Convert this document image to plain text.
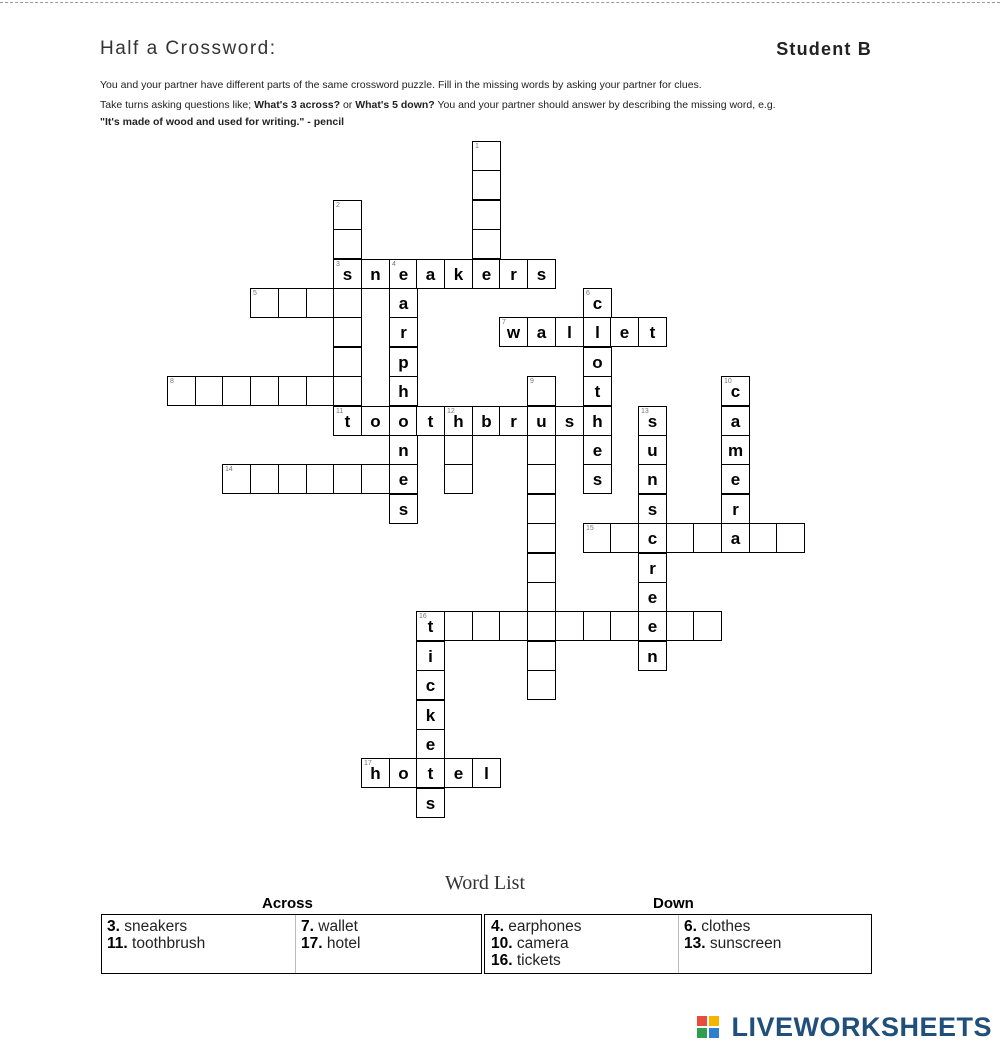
Half a Crossword:	Student B
You and your partner have different parts of the same crossword puzzle. Fill in the missing words by asking your partner for clues.
Take turns asking questions like; What's 3 across? or What's 5 down? You and your partner should answer by describing the missing word, e.g.
"It's made of wood and used for writing." - pencil
3
s	n
4
e	a	k	e	r	s
5
7
w a	l	l	e	t
8
11
t	o	o	t
12
h	b	r	u	s	h
14
e
15
c	a
16
t	e
17
h	o	t	e	l
1
2
a
r
p
h
n
s
6
c
o
t
e
s
9	10
c
a
m
e
r
13
s
u
n
s
r
e
n
i
c
k
e
s
Word List
Across	Down
3. sneakers
11. toothbrush
7. wallet
17. hotel
4. earphones
10. camera
16. tickets
6. clothes
13. sunscreen
LIVEWORKSHEETS
